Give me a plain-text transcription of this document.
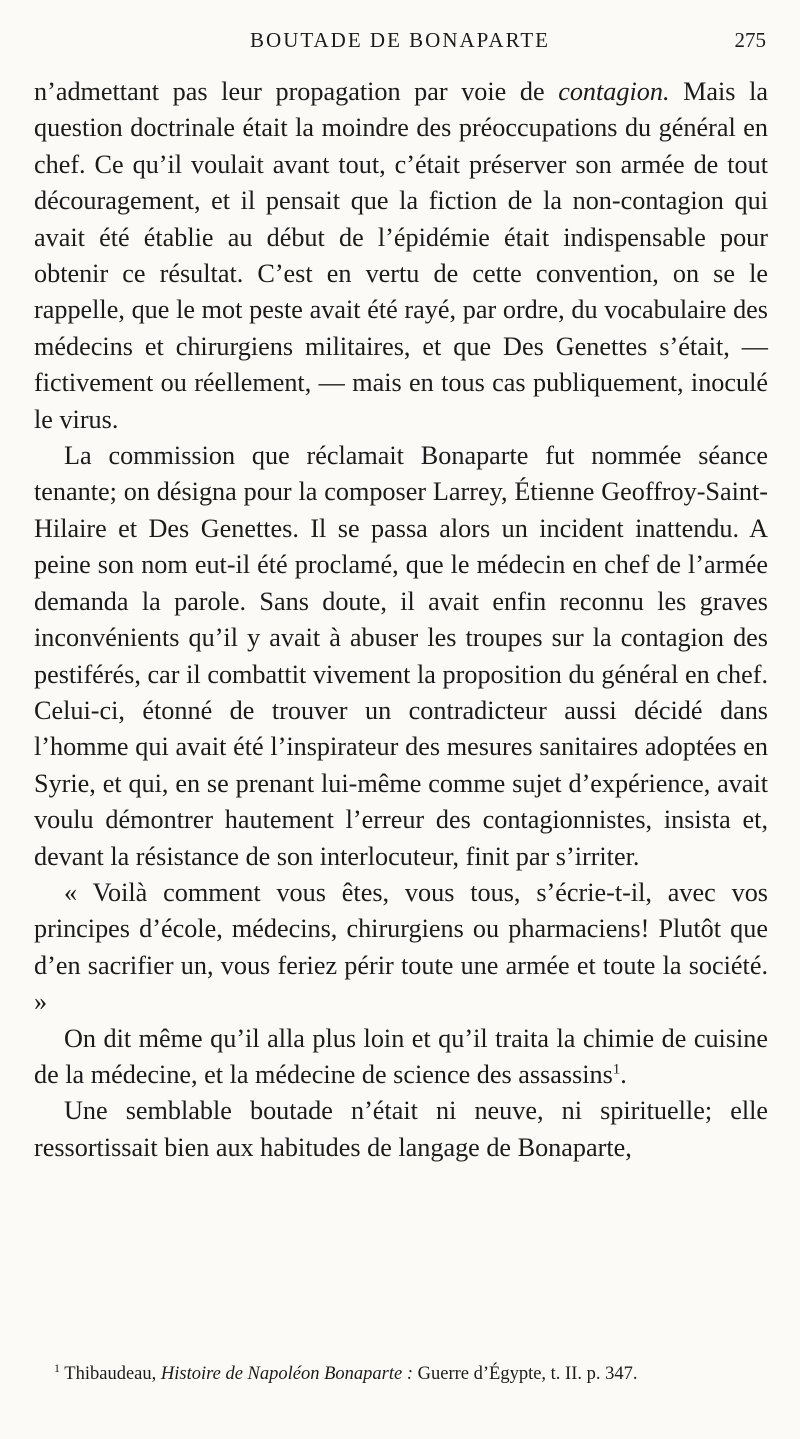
BOUTADE DE BONAPARTE	275

n’admettant pas leur propagation par voie de contagion. Mais la question doctrinale était la moindre des préoccupations du général en chef. Ce qu’il voulait avant tout, c’était préserver son armée de tout découragement, et il pensait que la fiction de la non-contagion qui avait été établie au début de l’épidémie était indispensable pour obtenir ce résultat. C’est en vertu de cette convention, on se le rappelle, que le mot peste avait été rayé, par ordre, du vocabulaire des médecins et chirurgiens militaires, et que Des Genettes s’était, — fictivement ou réellement, — mais en tous cas publiquement, inoculé le virus.

La commission que réclamait Bonaparte fut nommée séance tenante; on désigna pour la composer Larrey, Étienne Geoffroy-Saint-Hilaire et Des Genettes. Il se passa alors un incident inattendu. A peine son nom eut-il été proclamé, que le médecin en chef de l’armée demanda la parole. Sans doute, il avait enfin reconnu les graves inconvénients qu’il y avait à abuser les troupes sur la contagion des pestiférés, car il combattit vivement la proposition du général en chef. Celui-ci, étonné de trouver un contradicteur aussi décidé dans l’homme qui avait été l’inspirateur des mesures sanitaires adoptées en Syrie, et qui, en se prenant lui-même comme sujet d’expérience, avait voulu démontrer hautement l’erreur des contagionnistes, insista et, devant la résistance de son interlocuteur, finit par s’irriter.

« Voilà comment vous êtes, vous tous, s’écrie-t-il, avec vos principes d’école, médecins, chirurgiens ou pharmaciens! Plutôt que d’en sacrifier un, vous feriez périr toute une armée et toute la société. »

On dit même qu’il alla plus loin et qu’il traita la chimie de cuisine de la médecine, et la médecine de science des assassins$^1$.

Une semblable boutade n’était ni neuve, ni spirituelle; elle ressortissait bien aux habitudes de langage de Bonaparte,

$^1$ Thibaudeau, Histoire de Napoléon Bonaparte : Guerre d’Égypte, t. II. p. 347.
